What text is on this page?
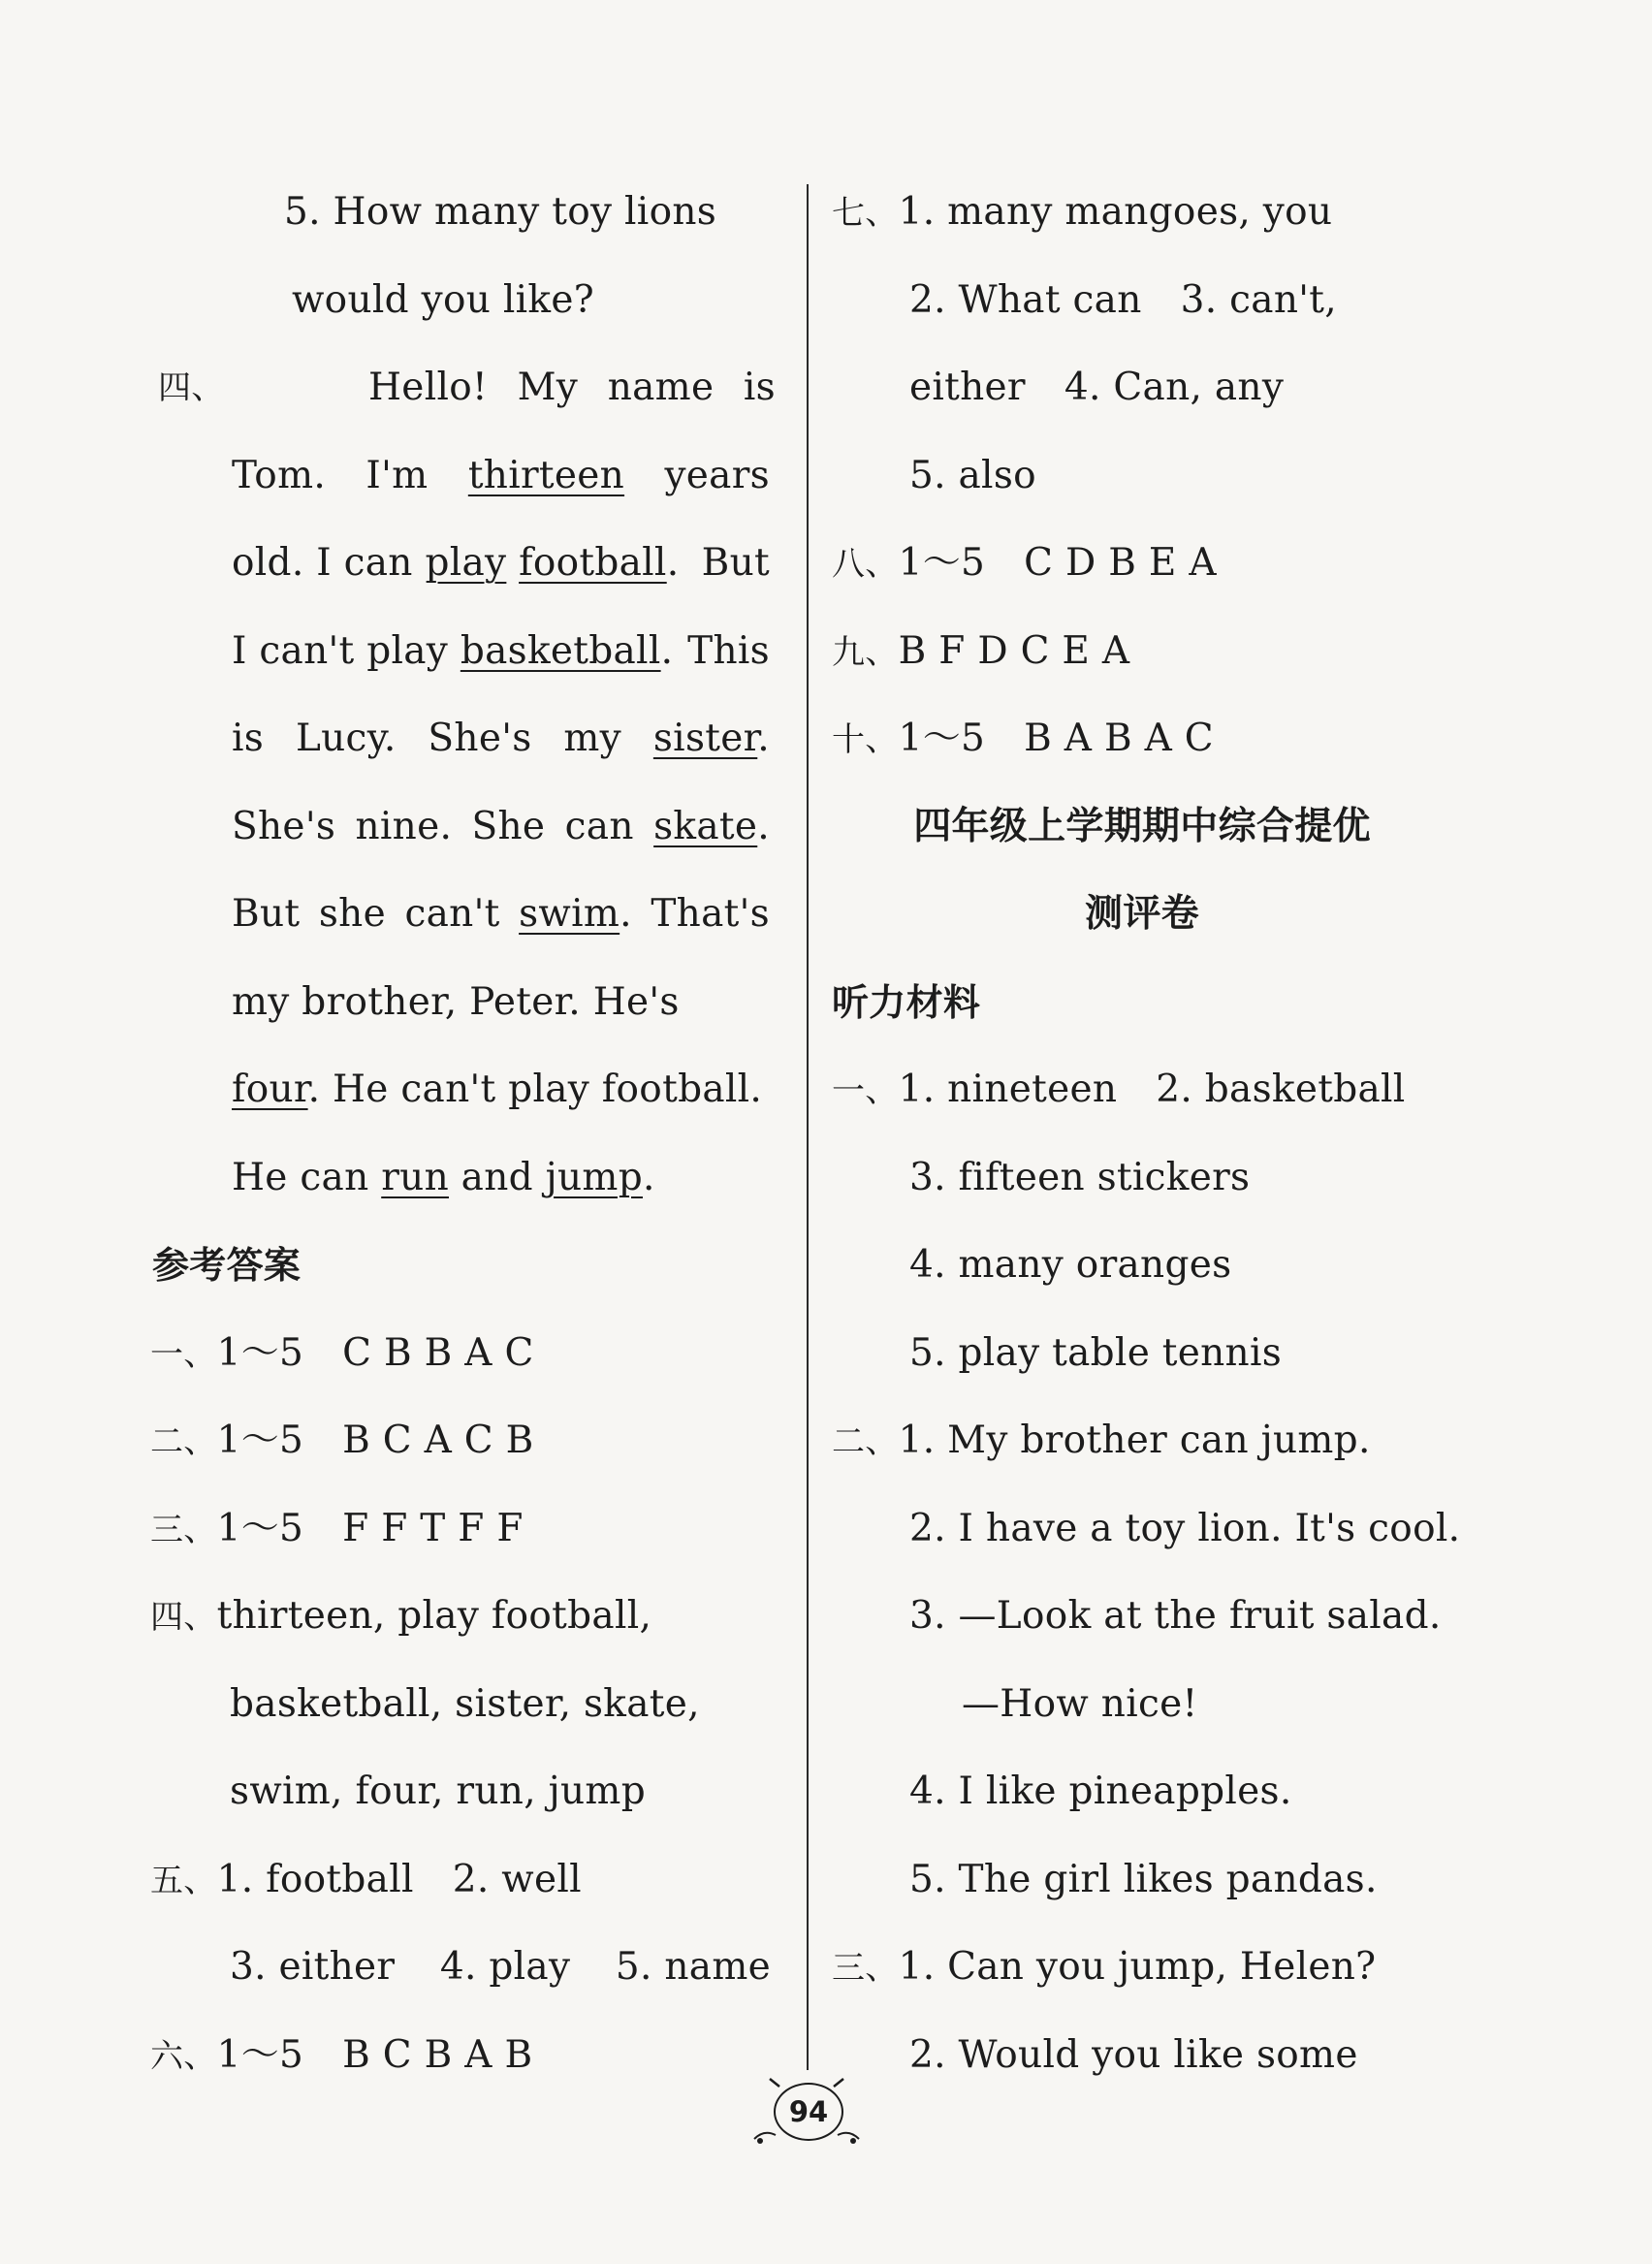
5. How many toy lions
would you like?
四、	Hello! My name is
Tom. I'm thirteen years
old. I can play football. But
I can't play basketball. This
is Lucy. She's my sister.
She's nine. She can skate.
But she can't swim. That's
my brother, Peter. He's
four. He can't play football.
He can run and jump.
参考答案
一、1～5 C B B A C
二、1～5 B C A C B
三、1～5 F F T F F
四、thirteen, play football,
basketball, sister, skate,
swim, four, run, jump
五、1. football 2. well
3. either 4. play 5. name
六、1～5 B C B A B
七、1. many mangoes, you
2. What can 3. can't,
either 4. Can, any
5. also
八、1～5 C D B E A
九、B F D C E A
十、1～5 B A B A C
四年级上学期期中综合提优
测评卷
听力材料
一、1. nineteen 2. basketball
3. fifteen stickers
4. many oranges
5. play table tennis
二、1. My brother can jump.
2. I have a toy lion. It's cool.
3. —Look at the fruit salad.
—How nice!
4. I like pineapples.
5. The girl likes pandas.
三、1. Can you jump, Helen?
2. Would you like some
94
